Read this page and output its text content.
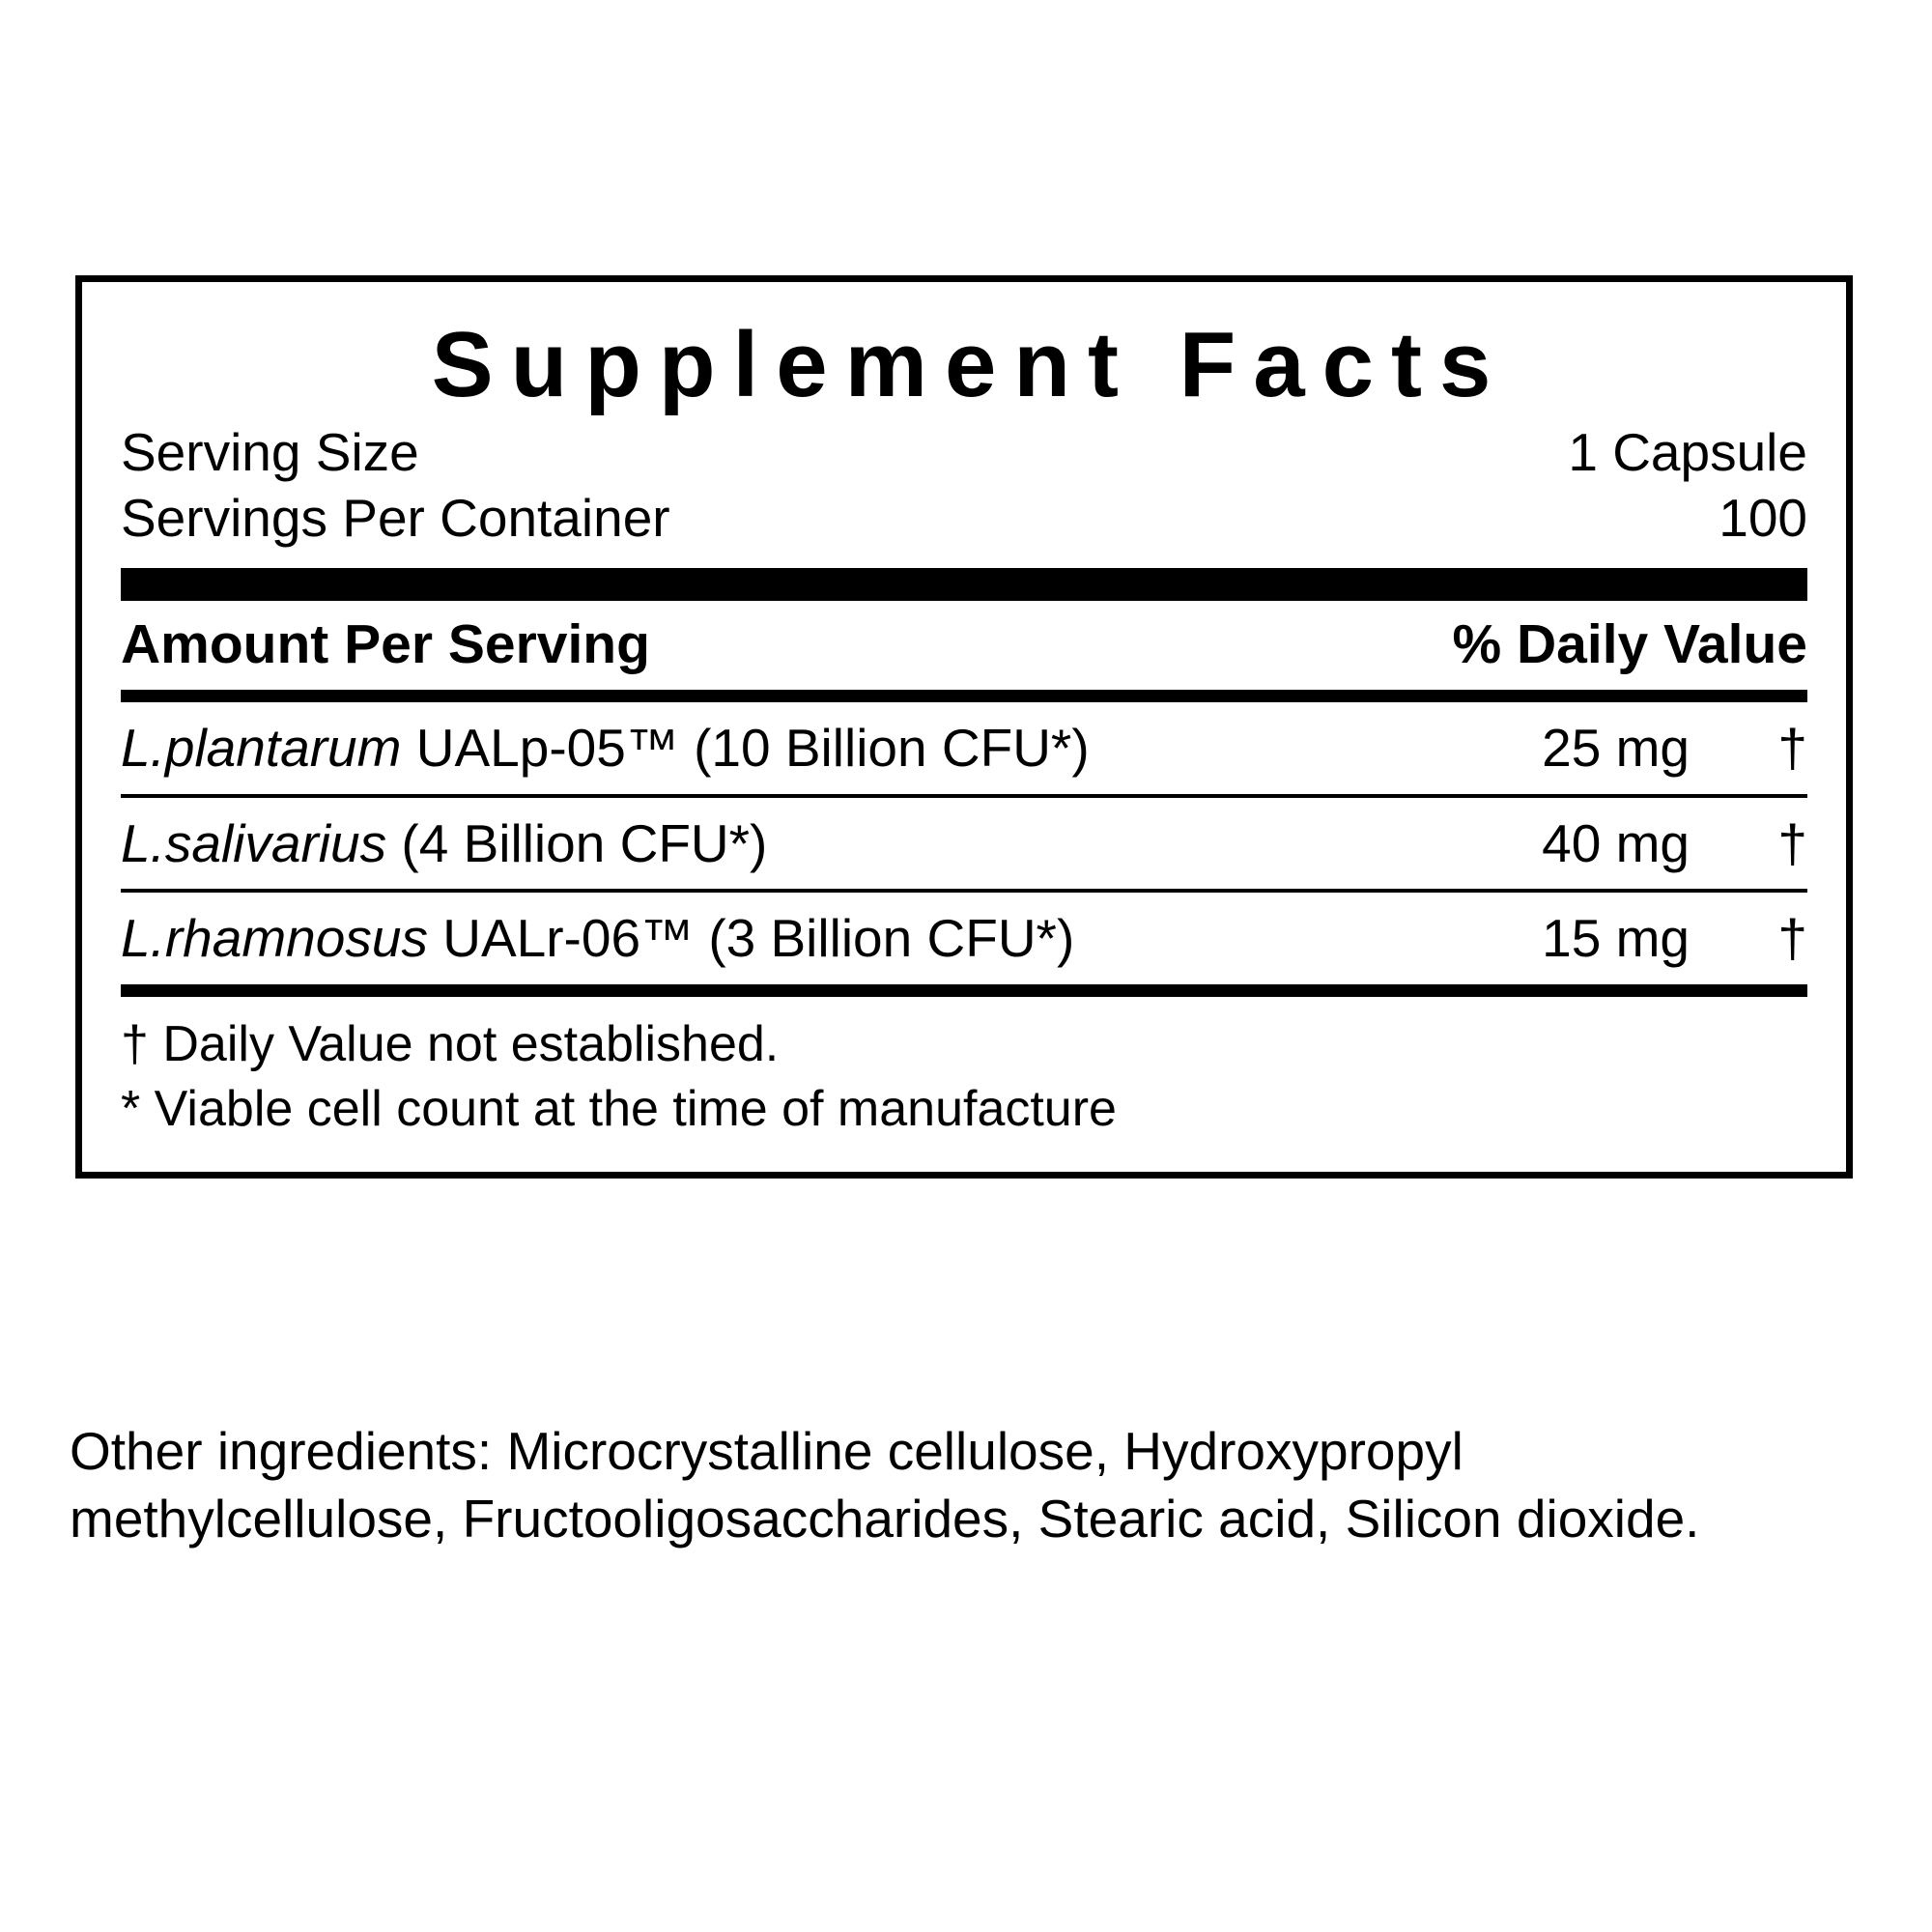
Supplement Facts
Serving Size	1 Capsule
Servings Per Container	100
Amount Per Serving	% Daily Value
L.plantarum UALp-05™ (10 Billion CFU*)	25 mg	†
L.salivarius (4 Billion CFU*)	40 mg	†
L.rhamnosus UALr-06™ (3 Billion CFU*)	15 mg	†
† Daily Value not established.
* Viable cell count at the time of manufacture
Other ingredients: Microcrystalline cellulose, Hydroxypropyl methylcellulose, Fructooligosaccharides, Stearic acid, Silicon dioxide.
